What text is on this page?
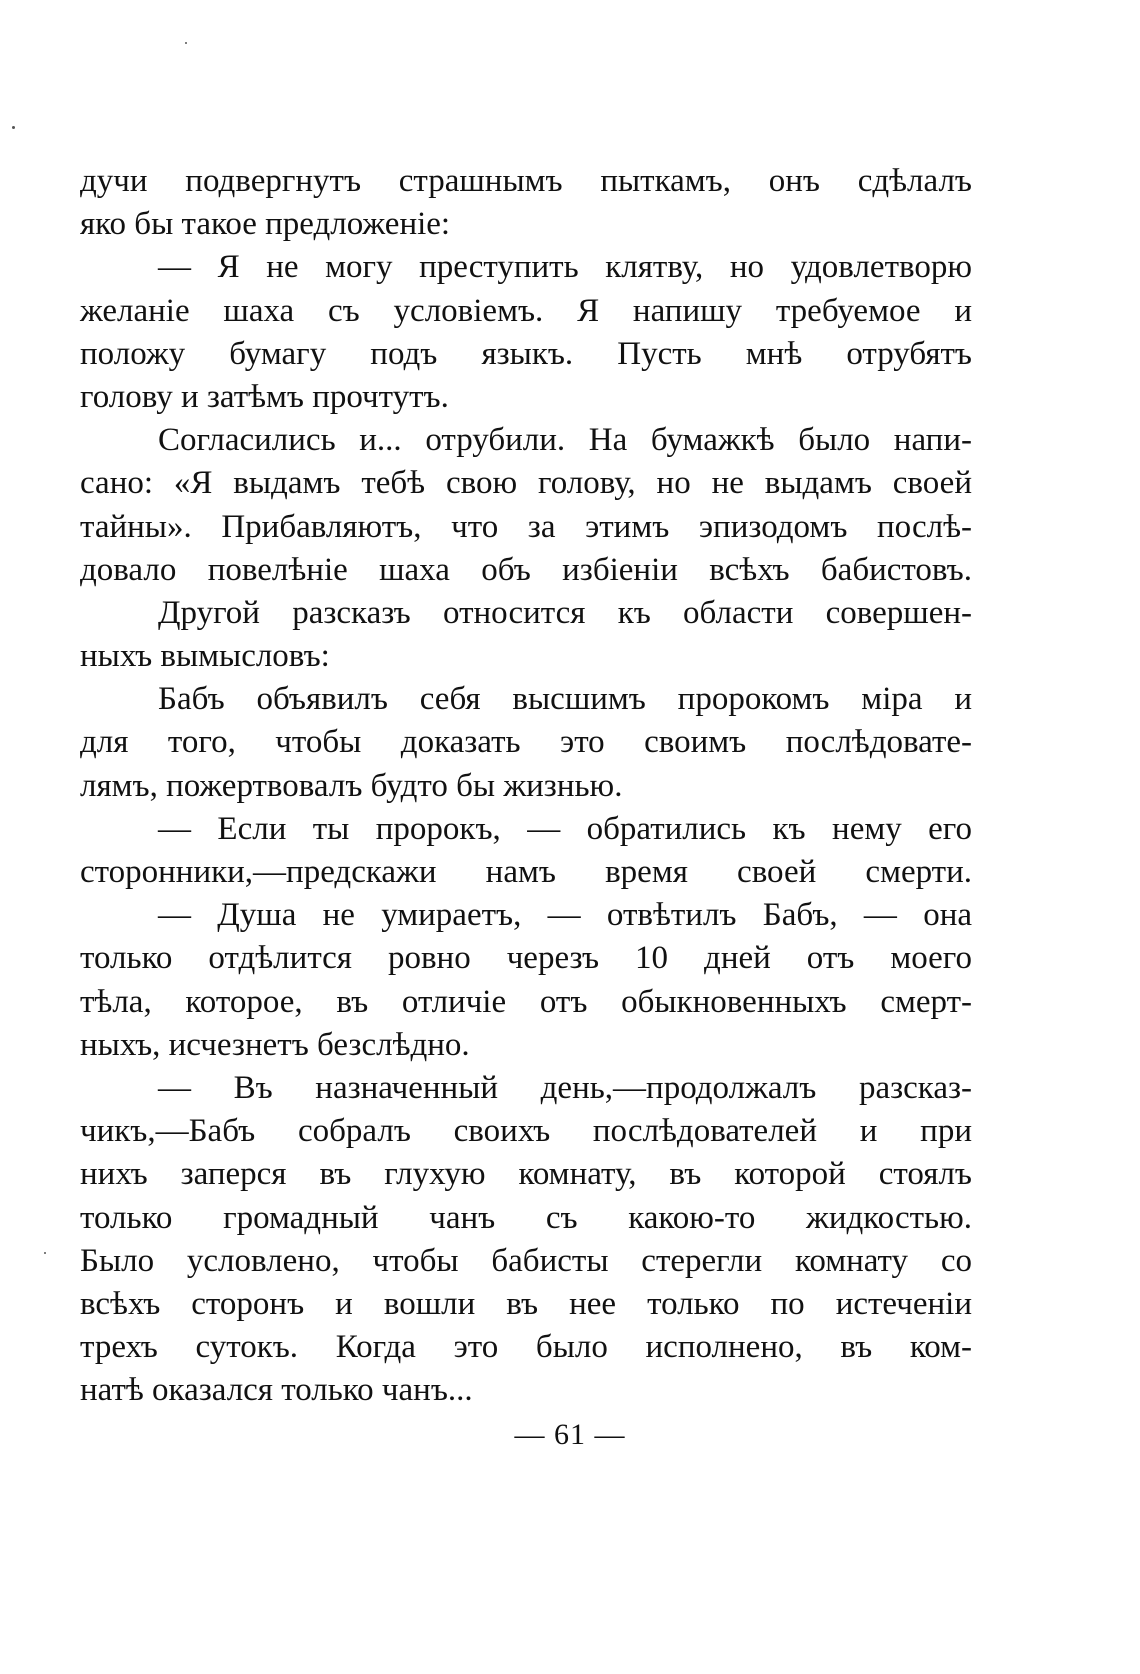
дучи подвергнутъ страшнымъ пыткамъ, онъ сдѣлалъ
яко бы такое предложеніе:
— Я не могу преступить клятву, но удовлетворю
желаніе шаха съ условіемъ. Я напишу требуемое и
положу бумагу подъ языкъ. Пусть мнѣ отрубятъ
голову и затѣмъ прочтутъ.
Согласились и... отрубили. На бумажкѣ было напи-
сано: «Я выдамъ тебѣ свою голову, но не выдамъ своей
тайны». Прибавляютъ, что за этимъ эпизодомъ послѣ-
довало повелѣніе шаха объ избіеніи всѣхъ бабистовъ.
Другой разсказъ относится къ области совершен-
ныхъ вымысловъ:
Бабъ объявилъ себя высшимъ пророкомъ міра и
для того, чтобы доказать это своимъ послѣдовате-
лямъ, пожертвовалъ будто бы жизнью.
— Если ты пророкъ, — обратились къ нему его
сторонники,—предскажи намъ время своей смерти.
— Душа не умираетъ, — отвѣтилъ Бабъ, — она
только отдѣлится ровно черезъ 10 дней отъ моего
тѣла, которое, въ отличіе отъ обыкновенныхъ смерт-
ныхъ, исчезнетъ безслѣдно.
— Въ назначенный день,—продолжалъ разсказ-
чикъ,—Бабъ собралъ своихъ послѣдователей и при
нихъ заперся въ глухую комнату, въ которой стоялъ
только громадный чанъ съ какою-то жидкостью.
Было условлено, чтобы бабисты стерегли комнату со
всѣхъ сторонъ и вошли въ нее только по истеченіи
трехъ сутокъ. Когда это было исполнено, въ ком-
натѣ оказался только чанъ...
— 61 —
